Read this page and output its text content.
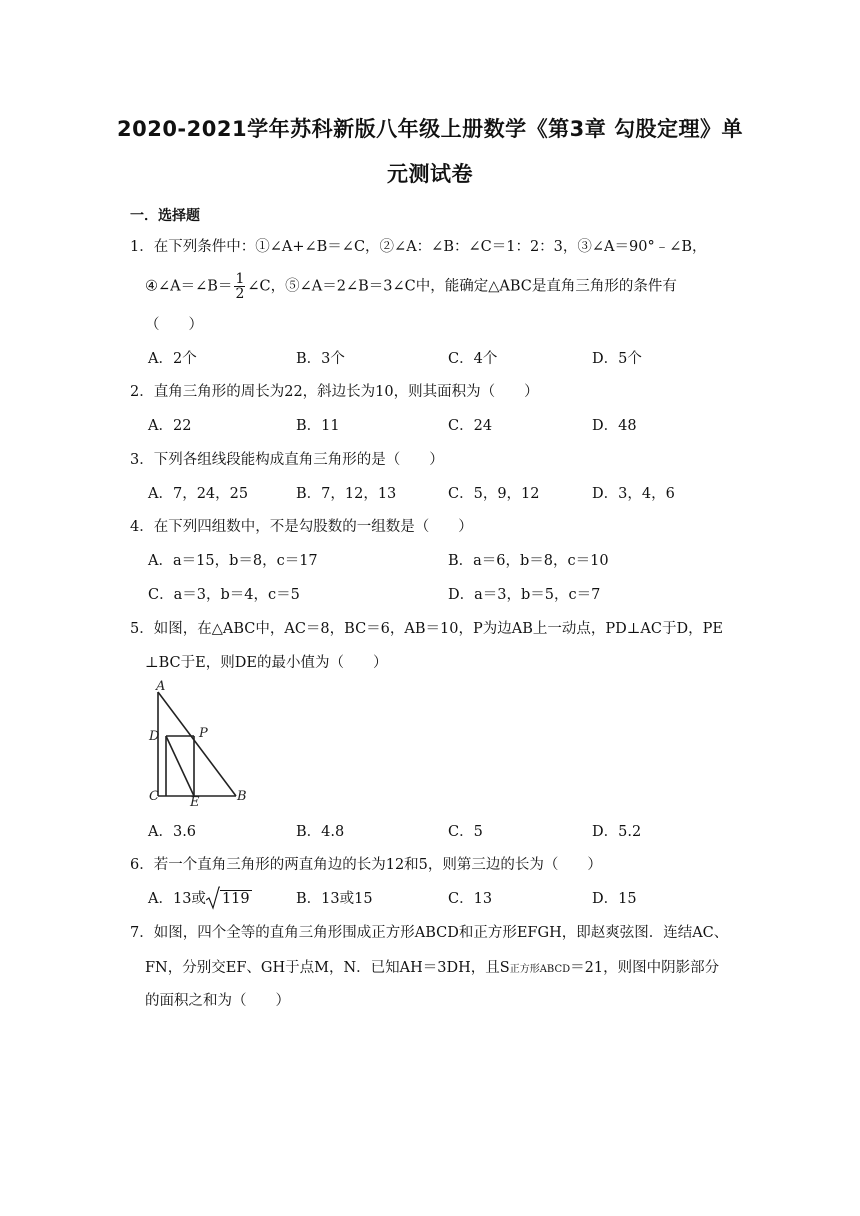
2020-2021学年苏科新版八年级上册数学《第3章 勾股定理》单
元测试卷
一．选择题
1．在下列条件中：①∠A+∠B＝∠C，②∠A：∠B：∠C＝1：2：3，③∠A＝90°﹣∠B，
④∠A＝∠B＝ $\frac{1}{2}$ ∠C，⑤∠A＝2∠B＝3∠C中，能确定△ABC是直角三角形的条件有
（　　）
A．2个	B．3个	C．4个	D．5个
2．直角三角形的周长为22，斜边长为10，则其面积为（　　）
A．22	B．11	C．24	D．48
3．下列各组线段能构成直角三角形的是（　　）
A．7，24，25	B．7，12，13	C．5，9，12	D．3，4，6
4．在下列四组数中，不是勾股数的一组数是（　　）
A．a＝15，b＝8，c＝17	B．a＝6，b＝8，c＝10
C．a＝3，b＝4，c＝5	D．a＝3，b＝5，c＝7
5．如图，在△ABC中，AC＝8，BC＝6，AB＝10，P为边AB上一动点，PD⊥AC于D，PE
⊥BC于E，则DE的最小值为（　　）
A
D	P
C E	B
A．3.6	B．4.8	C．5	D．5.2
6．若一个直角三角形的两直角边的长为12和5，则第三边的长为（　　）
A．13或 119	B．13或15	C．13	D．15
7．如图，四个全等的直角三角形围成正方形ABCD和正方形EFGH，即赵爽弦图．连结AC、
FN，分别交EF、GH于点M，N．已知AH＝3DH，且S正方形ABCD＝21，则图中阴影部分
的面积之和为（　　）
